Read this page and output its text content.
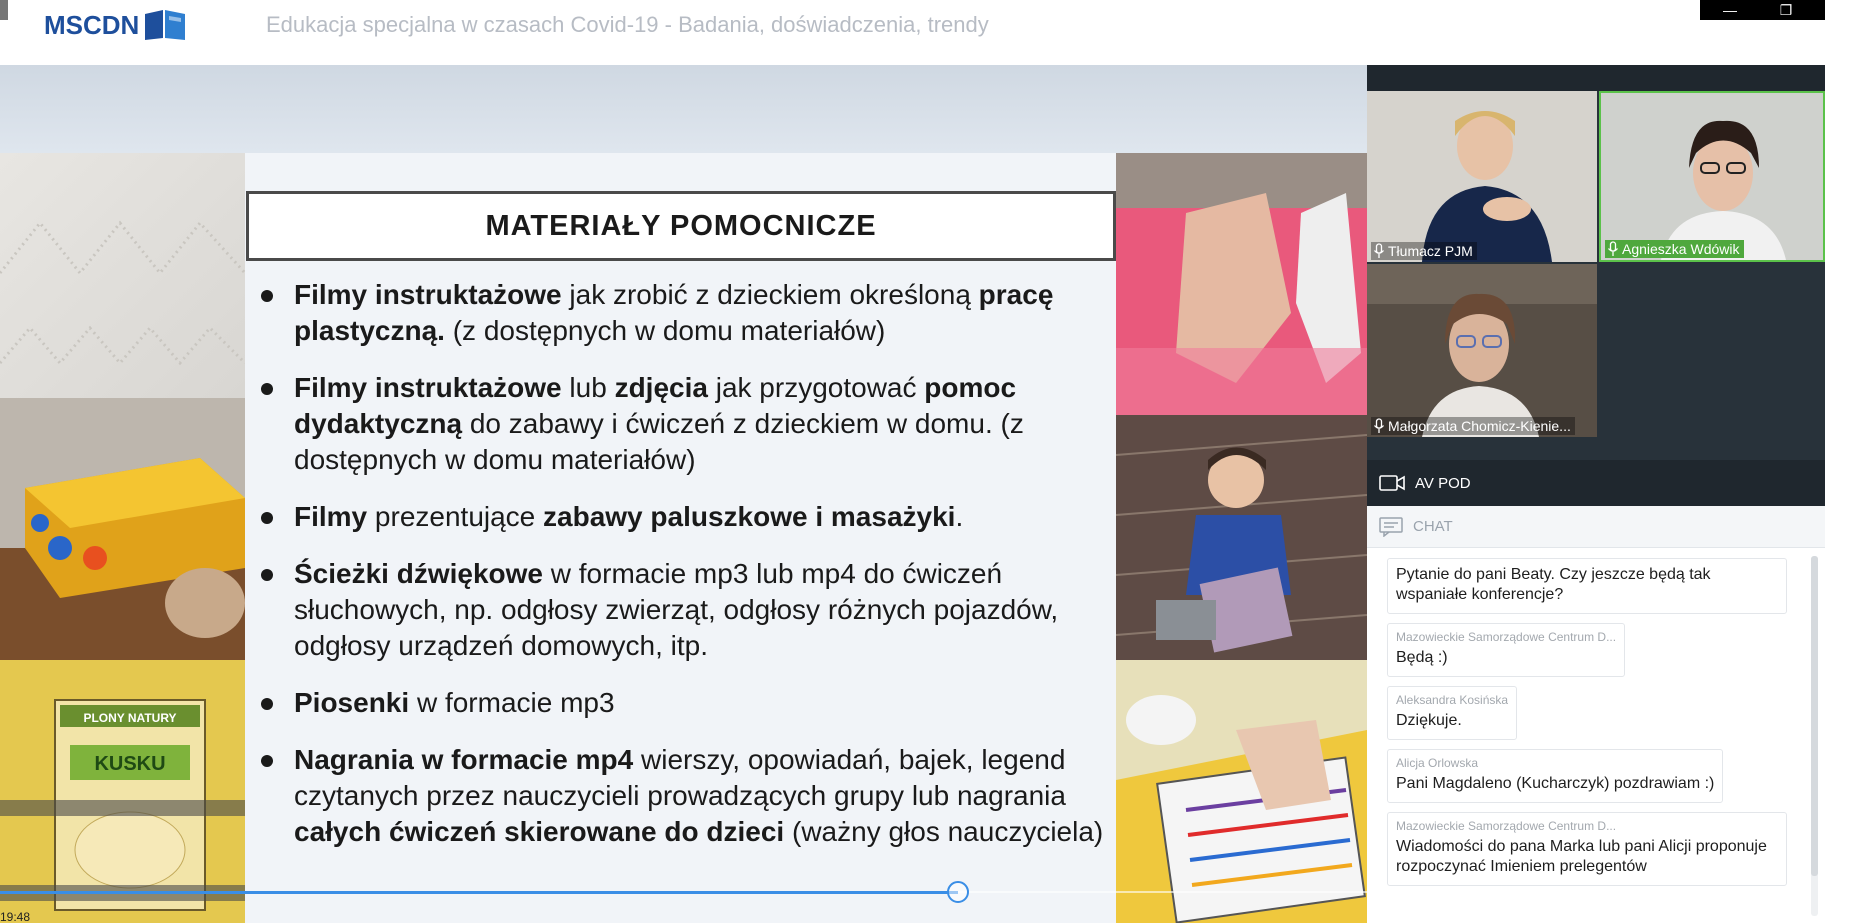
MSCDN	Edukacja specjalna w czasach Covid-19 - Badania, doświadczenia, trendy
—	❐
PLONY NATURY
KUSKU
MATERIAŁY POMOCNICZE
Filmy instruktażowe jak zrobić z dzieckiem określoną pracę plastyczną. (z dostępnych w domu materiałów)
Filmy instruktażowe lub zdjęcia jak przygotować pomoc dydaktyczną do zabawy i ćwiczeń z dzieckiem w domu. (z dostępnych w domu materiałów)
Filmy prezentujące zabawy paluszkowe i masażyki.
Ścieżki dźwiękowe w formacie mp3 lub mp4 do ćwiczeń słuchowych, np. odgłosy zwierząt, odgłosy różnych pojazdów, odgłosy urządzeń domowych, itp.
Piosenki w formacie mp3
Nagrania w formacie mp4 wierszy, opowiadań, bajek, legend czytanych przez nauczycieli prowadzących grupy lub nagrania całych ćwiczeń skierowane do dzieci (ważny głos nauczyciela)
19:48
Tłumacz PJM	Agnieszka Wdówik
Małgorzata Chomicz-Kienie...
AV POD
CHAT
Pytanie do pani Beaty. Czy jeszcze będą tak wspaniałe konferencje?
Mazowieckie Samorządowe Centrum D...
Będą :)
Aleksandra Kosińska
Dziękuje.
Alicja Orlowska
Pani Magdaleno (Kucharczyk) pozdrawiam :)
Mazowieckie Samorządowe Centrum D...
Wiadomości do pana Marka lub pani Alicji proponuje rozpoczynać Imieniem prelegentów
